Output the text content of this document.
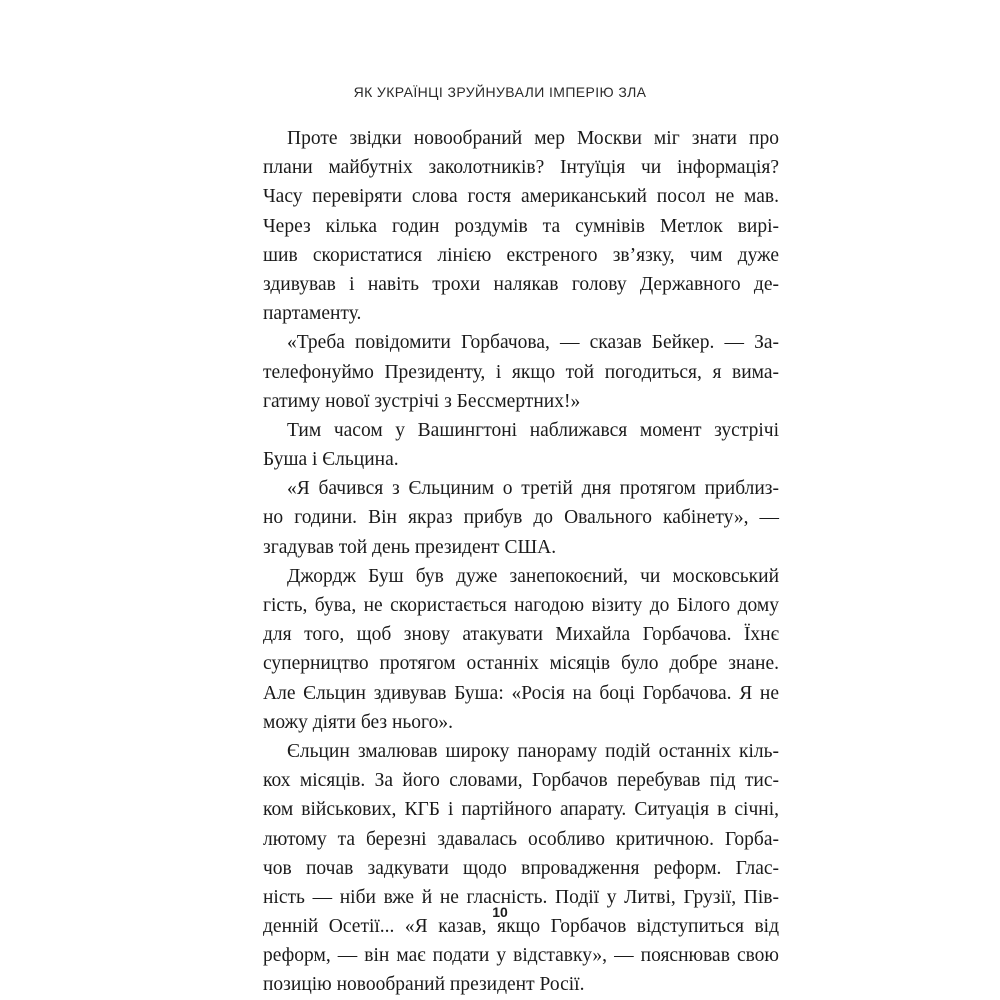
ЯК УКРАЇНЦІ ЗРУЙНУВАЛИ ІМПЕРІЮ ЗЛА
Проте звідки новообраний мер Москви міг знати про
плани майбутніх заколотників? Інтуїція чи інформація?
Часу перевіряти слова гостя американський посол не мав.
Через кілька годин роздумів та сумнівів Метлок вирі-
шив скористатися лінією екстреного зв’язку, чим дуже
здивував і навіть трохи налякав голову Державного де-
партаменту.
«Треба повідомити Горбачова, — сказав Бейкер. — За-
телефонуймо Президенту, і якщо той погодиться, я вима-
гатиму нової зустрічі з Бессмертних!»
Тим часом у Вашингтоні наближався момент зустрічі
Буша і Єльцина.
«Я бачився з Єльциним о третій дня протягом приблиз-
но години. Він якраз прибув до Овального кабінету», —
згадував той день президент США.
Джордж Буш був дуже занепокоєний, чи московський
гість, бува, не скористається нагодою візиту до Білого дому
для того, щоб знову атакувати Михайла Горбачова. Їхнє
суперництво протягом останніх місяців було добре знане.
Але Єльцин здивував Буша: «Росія на боці Горбачова. Я не
можу діяти без нього».
Єльцин змалював широку панораму подій останніх кіль-
кох місяців. За його словами, Горбачов перебував під тис-
ком військових, КГБ і партійного апарату. Ситуація в січні,
лютому та березні здавалась особливо критичною. Горба-
чов почав задкувати щодо впровадження реформ. Глас-
ність — ніби вже й не гласність. Події у Литві, Грузії, Пів-
денній Осетії... «Я казав, якщо Горбачов відступиться від
реформ, — він має подати у відставку», — пояснював свою
позицію новообраний президент Росії.
10
